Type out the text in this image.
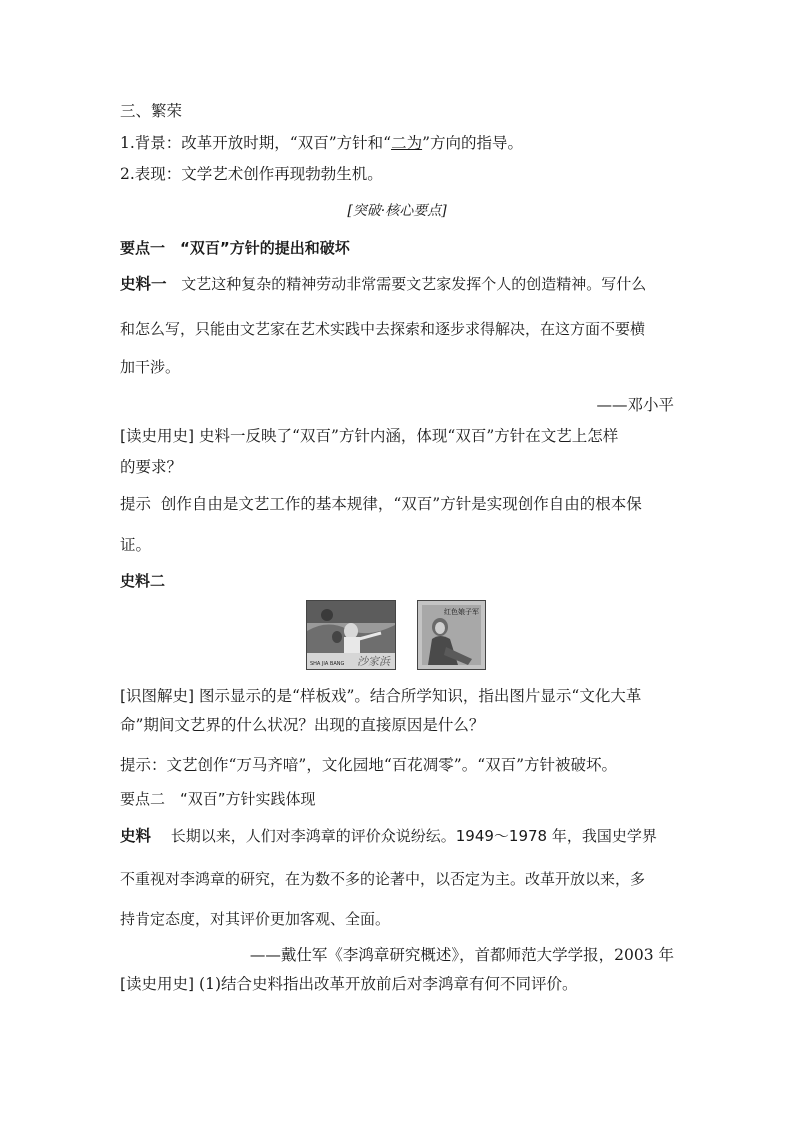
三、繁荣
1.背景：改革开放时期，“双百”方针和“二为”方向的指导。
2.表现：文学艺术创作再现勃勃生机。
[突破·核心要点]
要点一　“双百”方针的提出和破坏
史料一 文艺这种复杂的精神劳动非常需要文艺家发挥个人的创造精神。写什么
和怎么写，只能由文艺家在艺术实践中去探索和逐步求得解决，在这方面不要横
加干涉。
——邓小平
[读史用史] 史料一反映了“双百”方针内涵，体现“双百”方针在文艺上怎样
的要求？
提示 创作自由是文艺工作的基本规律，“双百”方针是实现创作自由的根本保
证。
史料二
SHA JIA BANG 沙家浜
红色娘子军
[识图解史] 图示显示的是“样板戏”。结合所学知识，指出图片显示“文化大革
命”期间文艺界的什么状况？出现的直接原因是什么？
提示：文艺创作“万马齐喑”，文化园地“百花凋零”。“双百”方针被破坏。
要点二　“双百”方针实践体现
史料 长期以来，人们对李鸿章的评价众说纷纭。1949～1978 年，我国史学界
不重视对李鸿章的研究，在为数不多的论著中，以否定为主。改革开放以来，多
持肯定态度，对其评价更加客观、全面。
——戴仕军《李鸿章研究概述》，首都师范大学学报，2003 年
[读史用史] (1)结合史料指出改革开放前后对李鸿章有何不同评价。
